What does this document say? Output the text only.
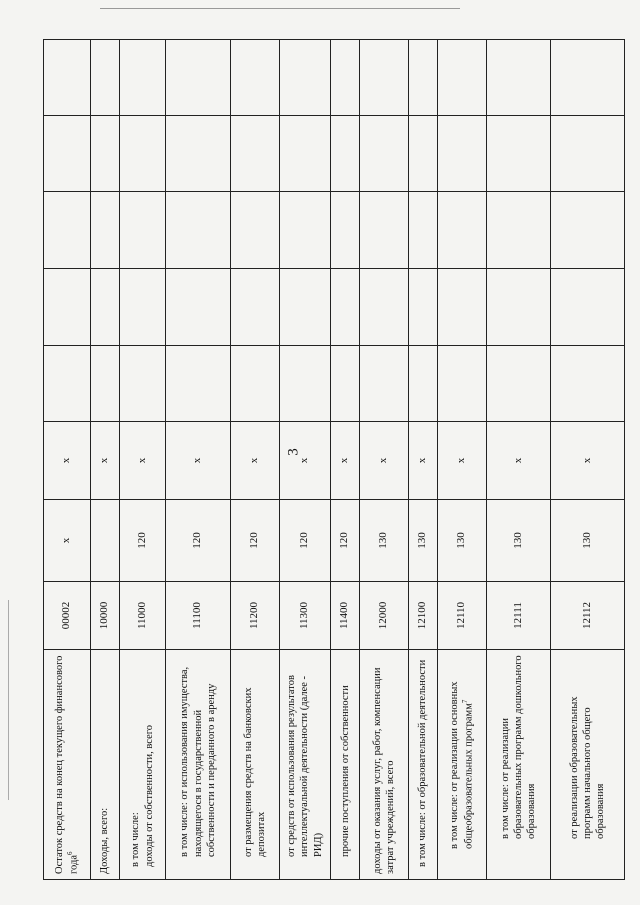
3
Остаток средств на конец текущего финансового года$^6$	00002	x	x					
Доходы, всего:	10000		x					
в том числе:
доходы от собственности, всего	11000	120	x					
в том числе: от использования имущества, находящегося в государственной собственности и переданного в аренду	11100	120	x					
от размещения средств на банковских депозитах	11200	120	x					
от средств от использования результатов интеллектуальной деятельности (далее - РИД)	11300	120	x					
прочие поступления от собственности	11400	120	x					
доходы от оказания услуг, работ, компенсации затрат учреждений, всего	12000	130	x					
в том числе: от образовательной деятельности	12100	130	x					
в том числе: от реализации основных общеобразовательных программ$^7$	12110	130	x					
в том числе: от реализации образовательных программ дошкольного образования	12111	130	x					
от реализации образовательных программ начального общего образования	12112	130	x					
